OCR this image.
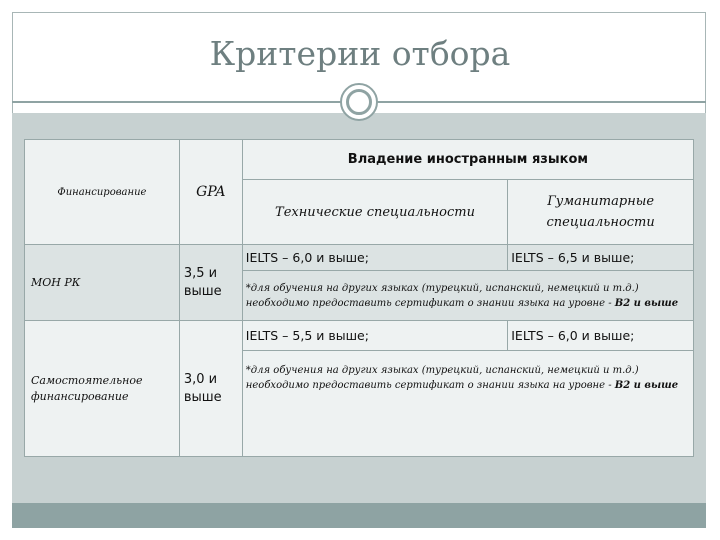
Критерии отбора
Финансирование	GPA	Владение иностранным языком	
		Технические специальности	Гуманитарные специальности
МОН РК	3,5 и выше	IELTS – 6,0 и выше;	IELTS – 6,5 и выше;
		*для обучения на других языках (турецкий, испанский, немецкий и т.д.) необходимо предоставить сертификат о знании языка на уровне - B2 и выше	
Самостоятельное финансирование	3,0 и выше	IELTS – 5,5 и выше;	IELTS – 6,0 и выше;
		*для обучения на других языках (турецкий, испанский, немецкий и т.д.) необходимо предоставить сертификат о знании языка на уровне - B2 и выше	
